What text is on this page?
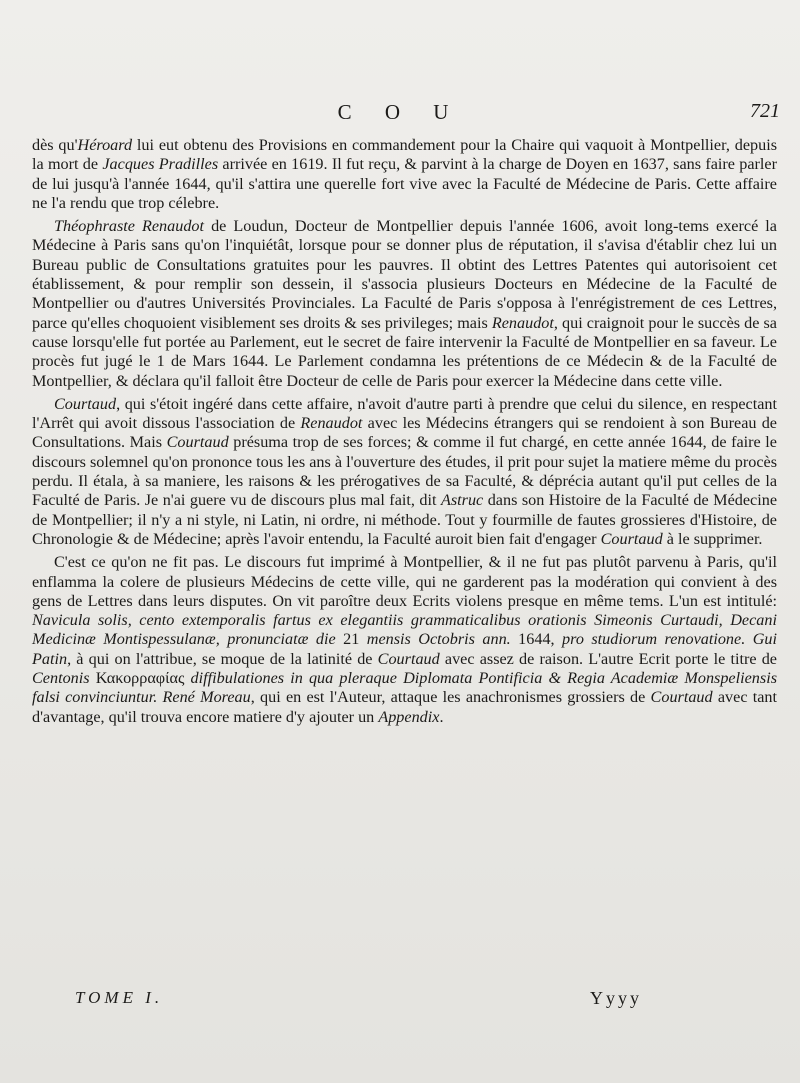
C O U	721

dès qu'Héroard lui eut obtenu des Provisions en commandement pour la Chaire qui vaquoit à Montpellier, depuis la mort de Jacques Pradilles arrivée en 1619. Il fut reçu, & parvint à la charge de Doyen en 1637, sans faire parler de lui jusqu'à l'année 1644, qu'il s'attira une querelle fort vive avec la Faculté de Médecine de Paris. Cette affaire ne l'a rendu que trop célebre.

Théophraste Renaudot de Loudun, Docteur de Montpellier depuis l'année 1606, avoit long-tems exercé la Médecine à Paris sans qu'on l'inquiétât, lorsque pour se donner plus de réputation, il s'avisa d'établir chez lui un Bureau public de Consultations gratuites pour les pauvres. Il obtint des Lettres Patentes qui autorisoient cet établissement, & pour remplir son dessein, il s'associa plusieurs Docteurs en Médecine de la Faculté de Montpellier ou d'autres Universités Provinciales. La Faculté de Paris s'opposa à l'enrégistrement de ces Lettres, parce qu'elles choquoient visiblement ses droits & ses privileges; mais Renaudot, qui craignoit pour le succès de sa cause lorsqu'elle fut portée au Parlement, eut le secret de faire intervenir la Faculté de Montpellier en sa faveur. Le procès fut jugé le 1 de Mars 1644. Le Parlement condamna les prétentions de ce Médecin & de la Faculté de Montpellier, & déclara qu'il falloit être Docteur de celle de Paris pour exercer la Médecine dans cette ville.

Courtaud, qui s'étoit ingéré dans cette affaire, n'avoit d'autre parti à prendre que celui du silence, en respectant l'Arrêt qui avoit dissous l'association de Renaudot avec les Médecins étrangers qui se rendoient à son Bureau de Consultations. Mais Courtaud présuma trop de ses forces; & comme il fut chargé, en cette année 1644, de faire le discours solemnel qu'on prononce tous les ans à l'ouverture des études, il prit pour sujet la matiere même du procès perdu. Il étala, à sa maniere, les raisons & les prérogatives de sa Faculté, & déprécia autant qu'il put celles de la Faculté de Paris. Je n'ai guere vu de discours plus mal fait, dit Astruc dans son Histoire de la Faculté de Médecine de Montpellier; il n'y a ni style, ni Latin, ni ordre, ni méthode. Tout y fourmille de fautes grossieres d'Histoire, de Chronologie & de Médecine; après l'avoir entendu, la Faculté auroit bien fait d'engager Courtaud à le supprimer.

C'est ce qu'on ne fit pas. Le discours fut imprimé à Montpellier, & il ne fut pas plutôt parvenu à Paris, qu'il enflamma la colere de plusieurs Médecins de cette ville, qui ne garderent pas la modération qui convient à des gens de Lettres dans leurs disputes. On vit paroître deux Ecrits violens presque en même tems. L'un est intitulé: Navicula solis, cento extemporalis fartus ex elegantiis grammaticalibus orationis Simeonis Curtaudi, Decani Medicinæ Montispessulanæ, pronunciatæ die 21 mensis Octobris ann. 1644, pro studiorum renovatione. Gui Patin, à qui on l'attribue, se moque de la latinité de Courtaud avec assez de raison. L'autre Ecrit porte le titre de Centonis Κακορραφίας diffibulationes in qua pleraque Diplomata Pontificia & Regia Academiæ Monspeliensis falsi convinciuntur. René Moreau, qui en est l'Auteur, attaque les anachronismes grossiers de Courtaud avec tant d'avantage, qu'il trouva encore matiere d'y ajouter un Appendix.

TOME I.	Yyyy
